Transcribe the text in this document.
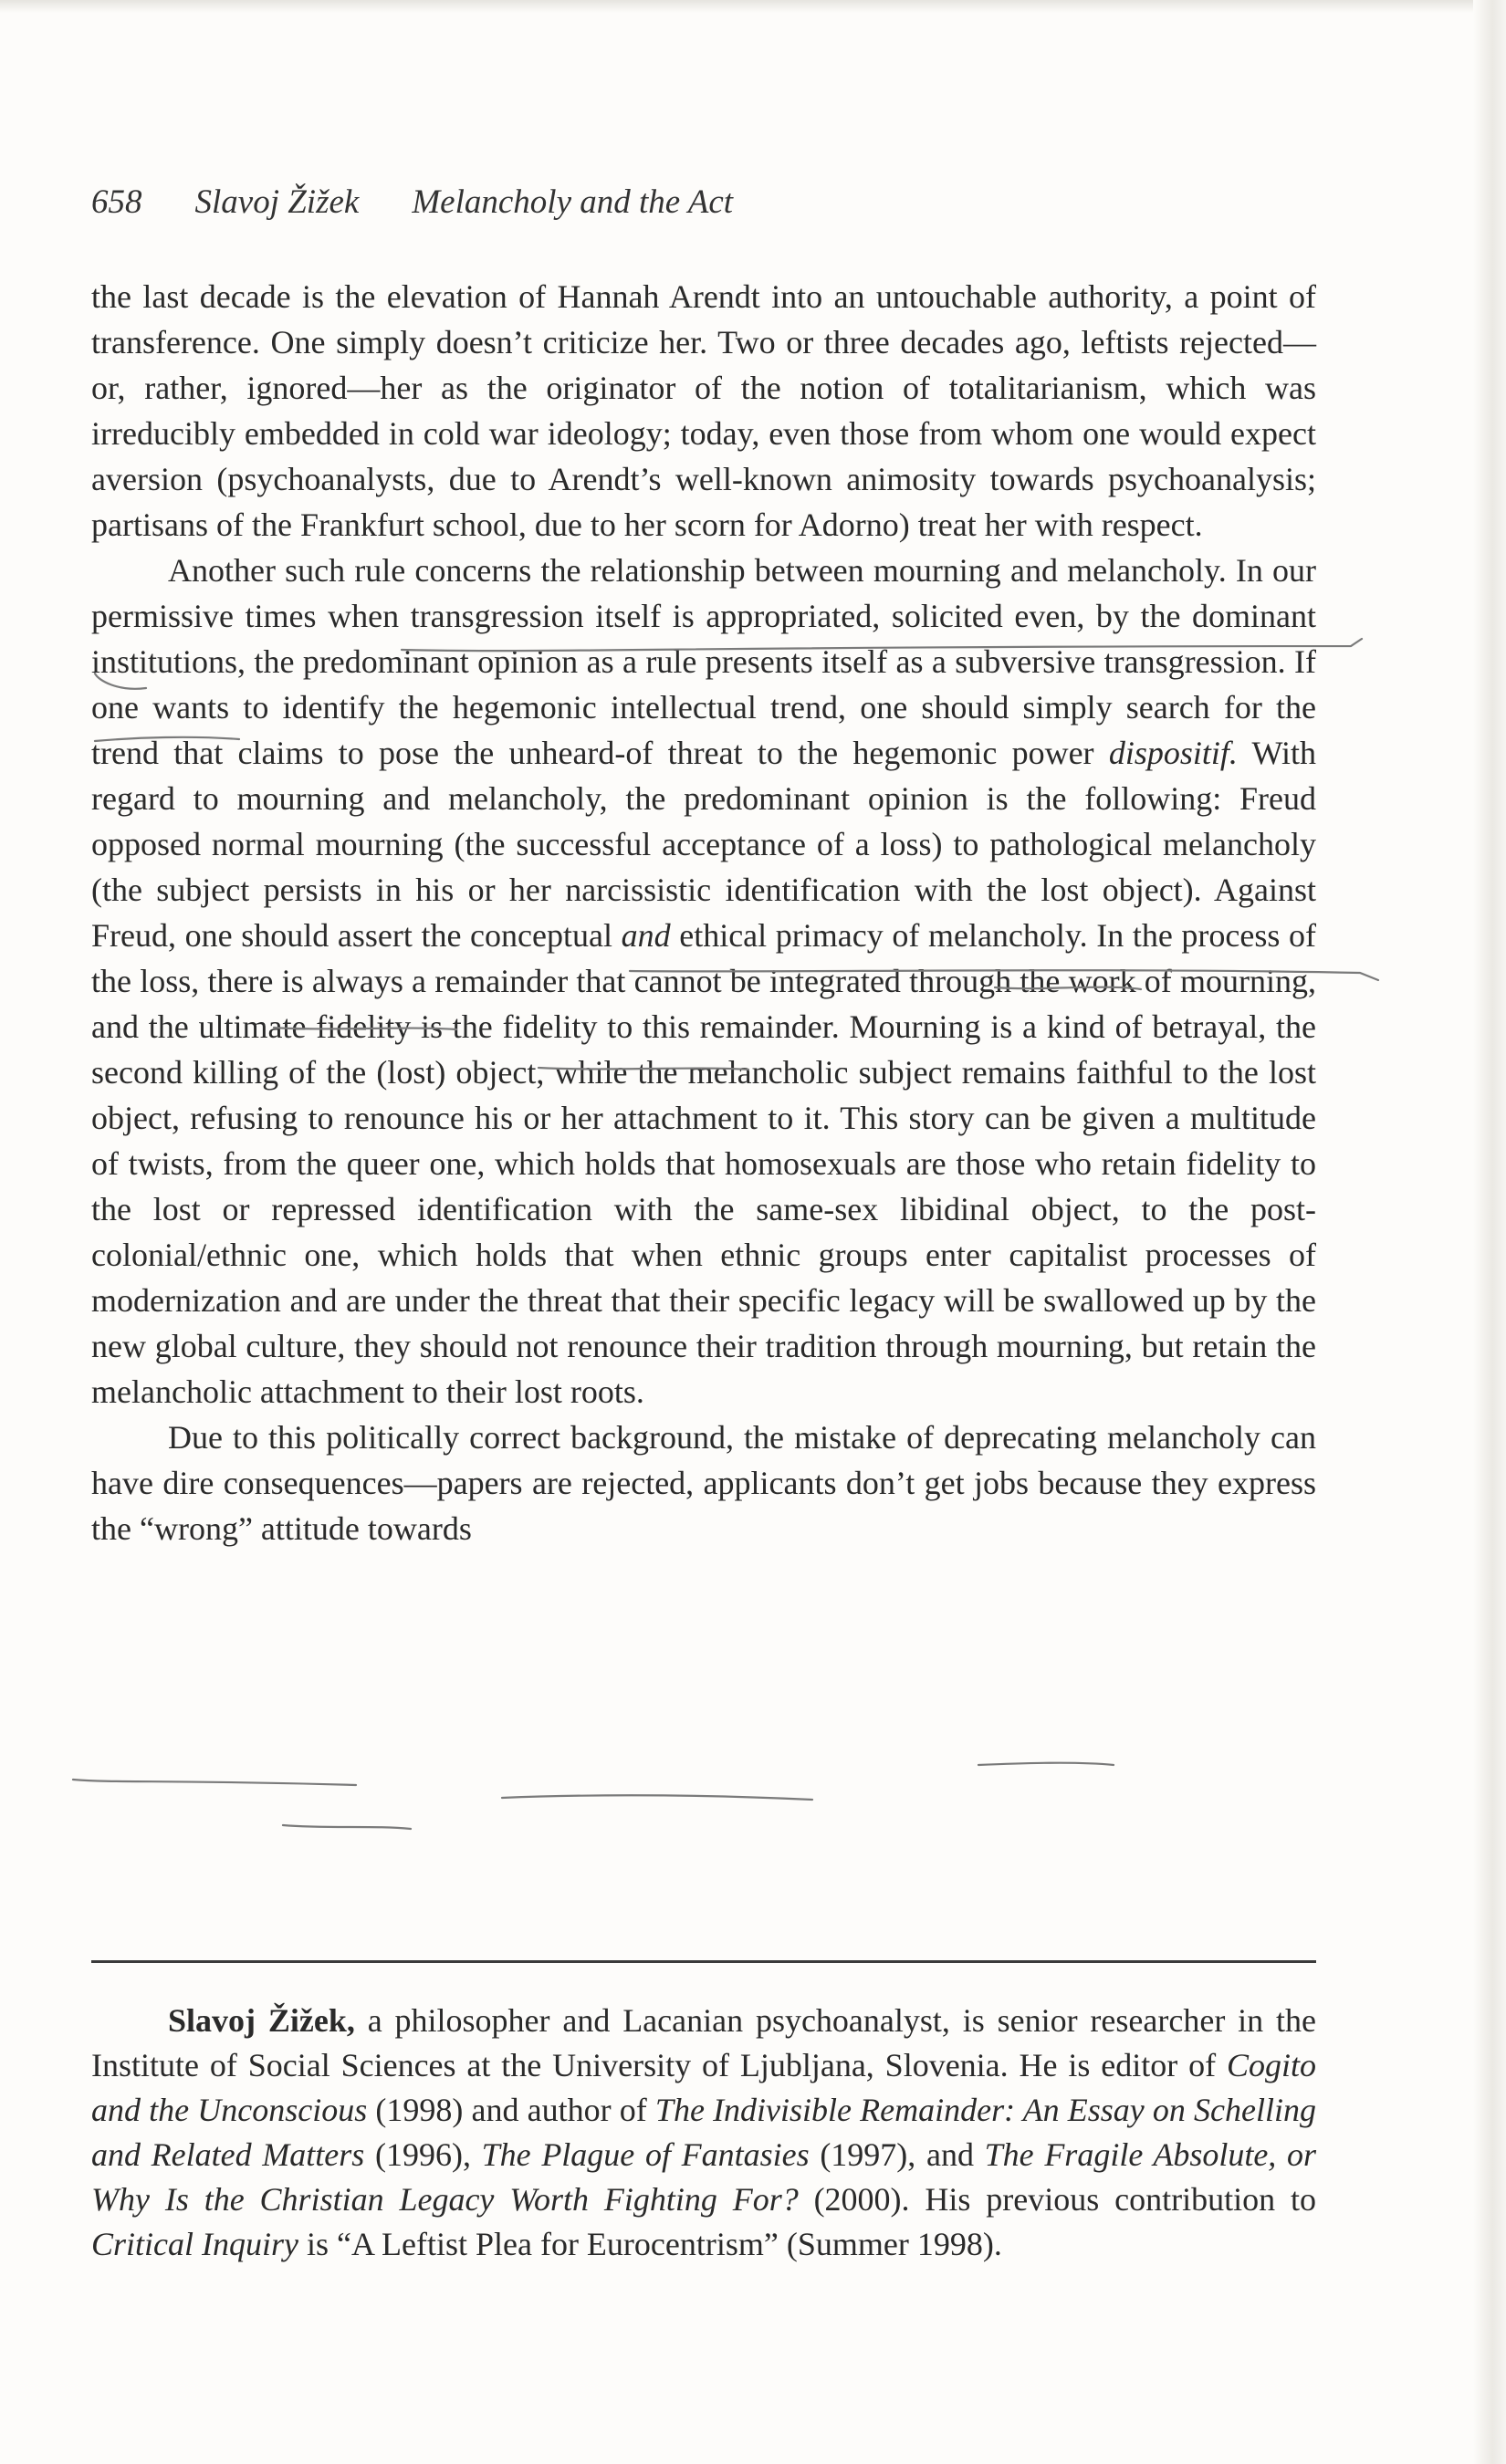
658 Slavoj Žižek Melancholy and the Act

the last decade is the elevation of Hannah Arendt into an untouchable authority, a point of transference. One simply doesn’t criticize her. Two or three decades ago, leftists rejected—or, rather, ignored—her as the originator of the notion of totalitarianism, which was irreducibly embedded in cold war ideology; today, even those from whom one would expect aversion (psychoanalysts, due to Arendt’s well-known animosity towards psychoanalysis; partisans of the Frankfurt school, due to her scorn for Adorno) treat her with respect.

Another such rule concerns the relationship between mourning and melancholy. In our permissive times when transgression itself is appropriated, solicited even, by the dominant institutions, the predominant opinion as a rule presents itself as a subversive transgression. If one wants to identify the hegemonic intellectual trend, one should simply search for the trend that claims to pose the unheard-of threat to the hegemonic power dispositif. With regard to mourning and melancholy, the predominant opinion is the following: Freud opposed normal mourning (the successful acceptance of a loss) to pathological melancholy (the subject persists in his or her narcissistic identification with the lost object). Against Freud, one should assert the conceptual and ethical primacy of melancholy. In the process of the loss, there is always a remainder that cannot be integrated through the work of mourning, and the ultimate fidelity is the fidelity to this remainder. Mourning is a kind of betrayal, the second killing of the (lost) object, while the melancholic subject remains faithful to the lost object, refusing to renounce his or her attachment to it. This story can be given a multitude of twists, from the queer one, which holds that homosexuals are those who retain fidelity to the lost or repressed identification with the same-sex libidinal object, to the post-colonial/ethnic one, which holds that when ethnic groups enter capitalist processes of modernization and are under the threat that their specific legacy will be swallowed up by the new global culture, they should not renounce their tradition through mourning, but retain the melancholic attachment to their lost roots.

Due to this politically correct background, the mistake of deprecating melancholy can have dire consequences—papers are rejected, applicants don’t get jobs because they express the “wrong” attitude towards

Slavoj Žižek, a philosopher and Lacanian psychoanalyst, is senior researcher in the Institute of Social Sciences at the University of Ljubljana, Slovenia. He is editor of Cogito and the Unconscious (1998) and author of The Indivisible Remainder: An Essay on Schelling and Related Matters (1996), The Plague of Fantasies (1997), and The Fragile Absolute, or Why Is the Christian Legacy Worth Fighting For? (2000). His previous contribution to Critical Inquiry is “A Leftist Plea for Eurocentrism” (Summer 1998).
